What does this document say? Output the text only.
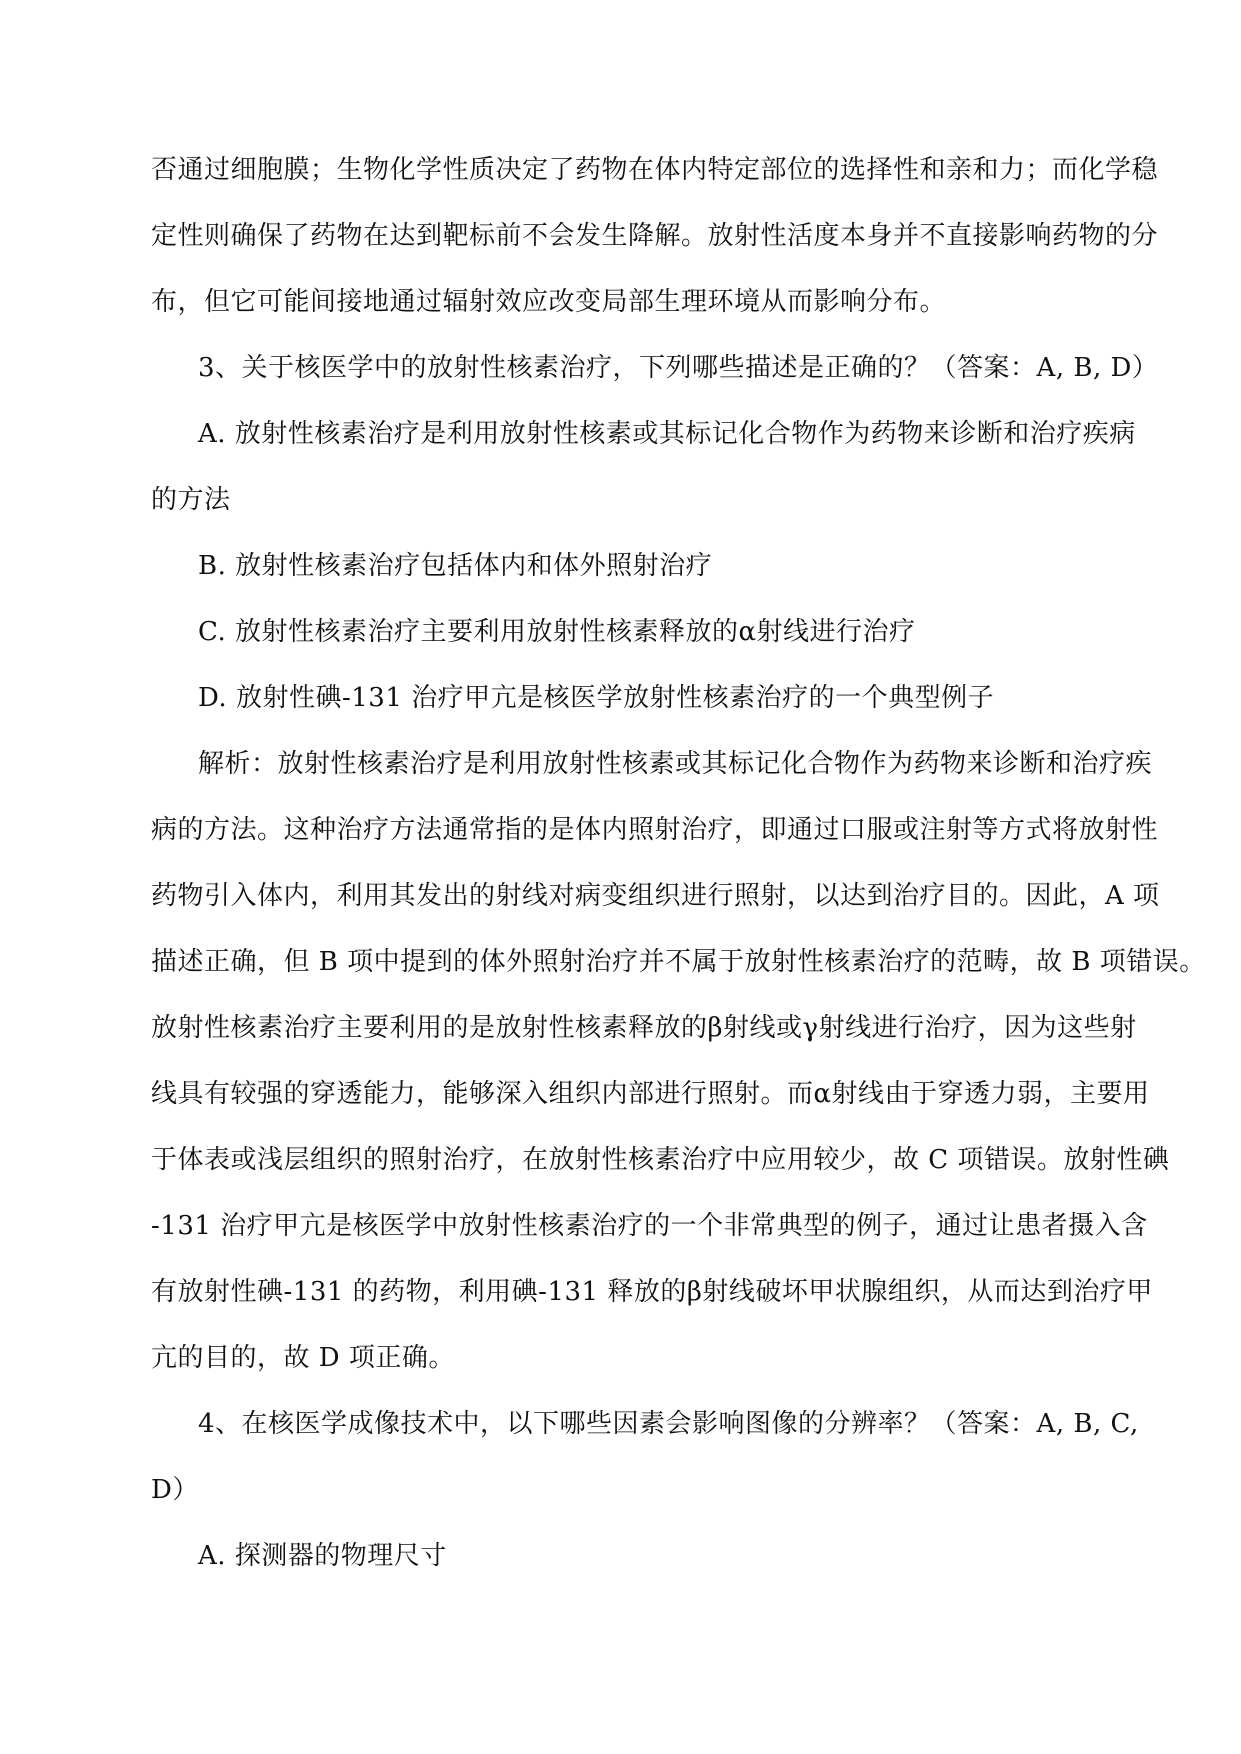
否通过细胞膜；生物化学性质决定了药物在体内特定部位的选择性和亲和力；而化学稳
定性则确保了药物在达到靶标前不会发生降解。放射性活度本身并不直接影响药物的分
布，但它可能间接地通过辐射效应改变局部生理环境从而影响分布。
3、关于核医学中的放射性核素治疗，下列哪些描述是正确的？（答案：A, B, D）
A. 放射性核素治疗是利用放射性核素或其标记化合物作为药物来诊断和治疗疾病
的方法
B. 放射性核素治疗包括体内和体外照射治疗
C. 放射性核素治疗主要利用放射性核素释放的α射线进行治疗
D. 放射性碘-131 治疗甲亢是核医学放射性核素治疗的一个典型例子
解析：放射性核素治疗是利用放射性核素或其标记化合物作为药物来诊断和治疗疾
病的方法。这种治疗方法通常指的是体内照射治疗，即通过口服或注射等方式将放射性
药物引入体内，利用其发出的射线对病变组织进行照射，以达到治疗目的。因此，A 项
描述正确，但 B 项中提到的体外照射治疗并不属于放射性核素治疗的范畴，故 B 项错误。
放射性核素治疗主要利用的是放射性核素释放的β射线或γ射线进行治疗，因为这些射
线具有较强的穿透能力，能够深入组织内部进行照射。而α射线由于穿透力弱，主要用
于体表或浅层组织的照射治疗，在放射性核素治疗中应用较少，故 C 项错误。放射性碘
-131 治疗甲亢是核医学中放射性核素治疗的一个非常典型的例子，通过让患者摄入含
有放射性碘-131 的药物，利用碘-131 释放的β射线破坏甲状腺组织，从而达到治疗甲
亢的目的，故 D 项正确。
4、在核医学成像技术中，以下哪些因素会影响图像的分辨率？（答案：A, B, C,
D）
A. 探测器的物理尺寸
